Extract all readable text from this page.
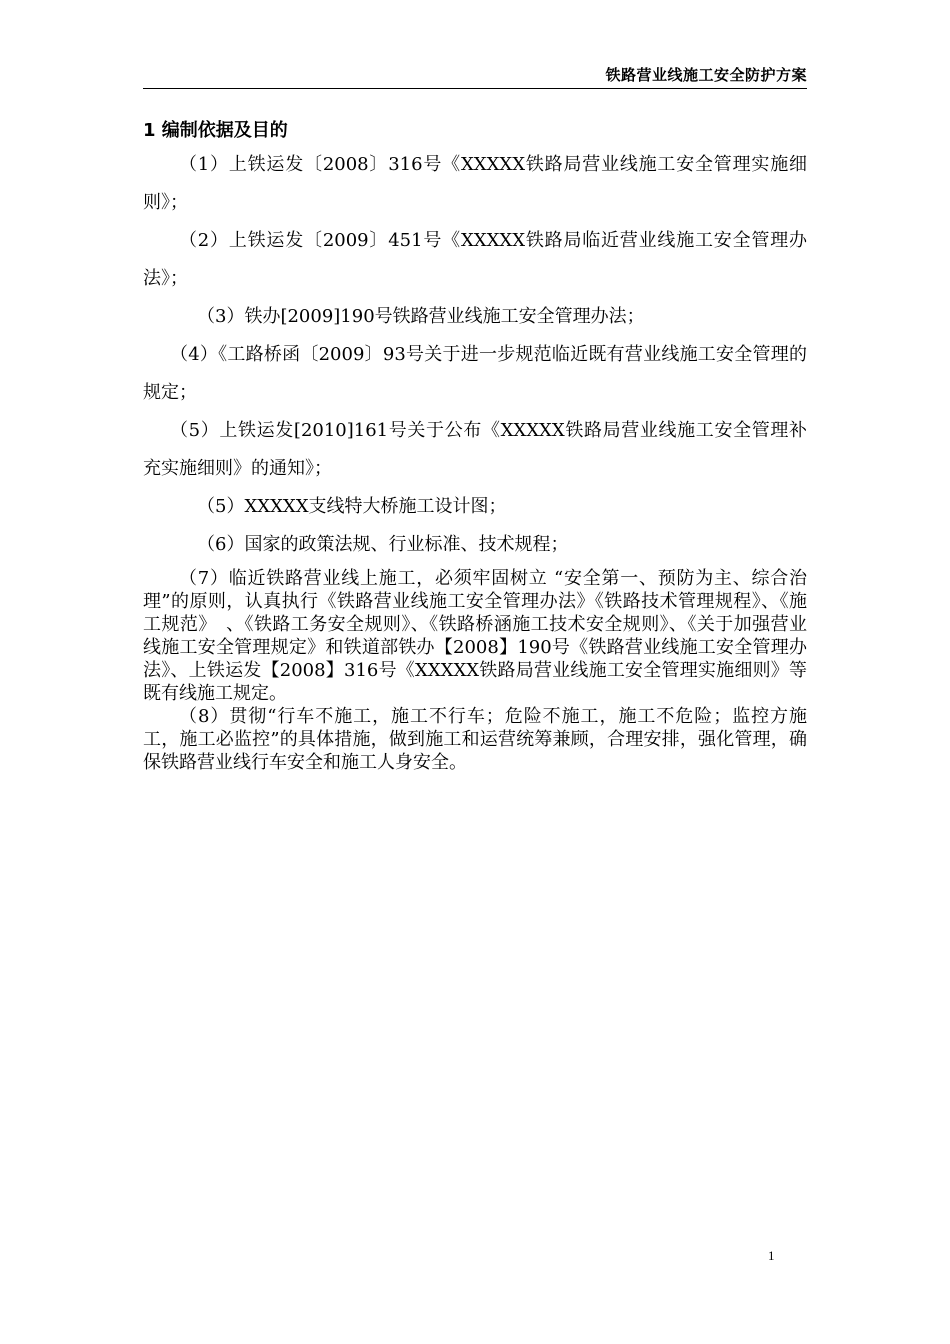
铁路营业线施工安全防护方案
1 编制依据及目的

（1）上铁运发〔2008〕316号《XXXXX铁路局营业线施工安全管理实施细则》；

（2）上铁运发〔2009〕451号《XXXXX铁路局临近营业线施工安全管理办法》；

（3）铁办[2009]190号铁路营业线施工安全管理办法；

（4）《工路桥函〔2009〕93号关于进一步规范临近既有营业线施工安全管理的规定；

（5）上铁运发[2010]161号关于公布《XXXXX铁路局营业线施工安全管理补充实施细则》的通知》；

（5）XXXXX支线特大桥施工设计图；

（6）国家的政策法规、行业标准、技术规程；

（7）临近铁路营业线上施工，必须牢固树立 “安全第一、预防为主、综合治理”的原则，认真执行《铁路营业线施工安全管理办法》《铁路技术管理规程》、《施工规范》　、《铁路工务安全规则》、《铁路桥涵施工技术安全规则》、《关于加强营业线施工安全管理规定》和铁道部铁办【2008】190号《铁路营业线施工安全管理办法》、上铁运发【2008】316号《XXXXX铁路局营业线施工安全管理实施细则》等既有线施工规定。

（8）贯彻“行车不施工，施工不行车；危险不施工，施工不危险；监控方施工，施工必监控”的具体措施，做到施工和运营统筹兼顾，合理安排，强化管理，确保铁路营业线行车安全和施工人身安全。

1
